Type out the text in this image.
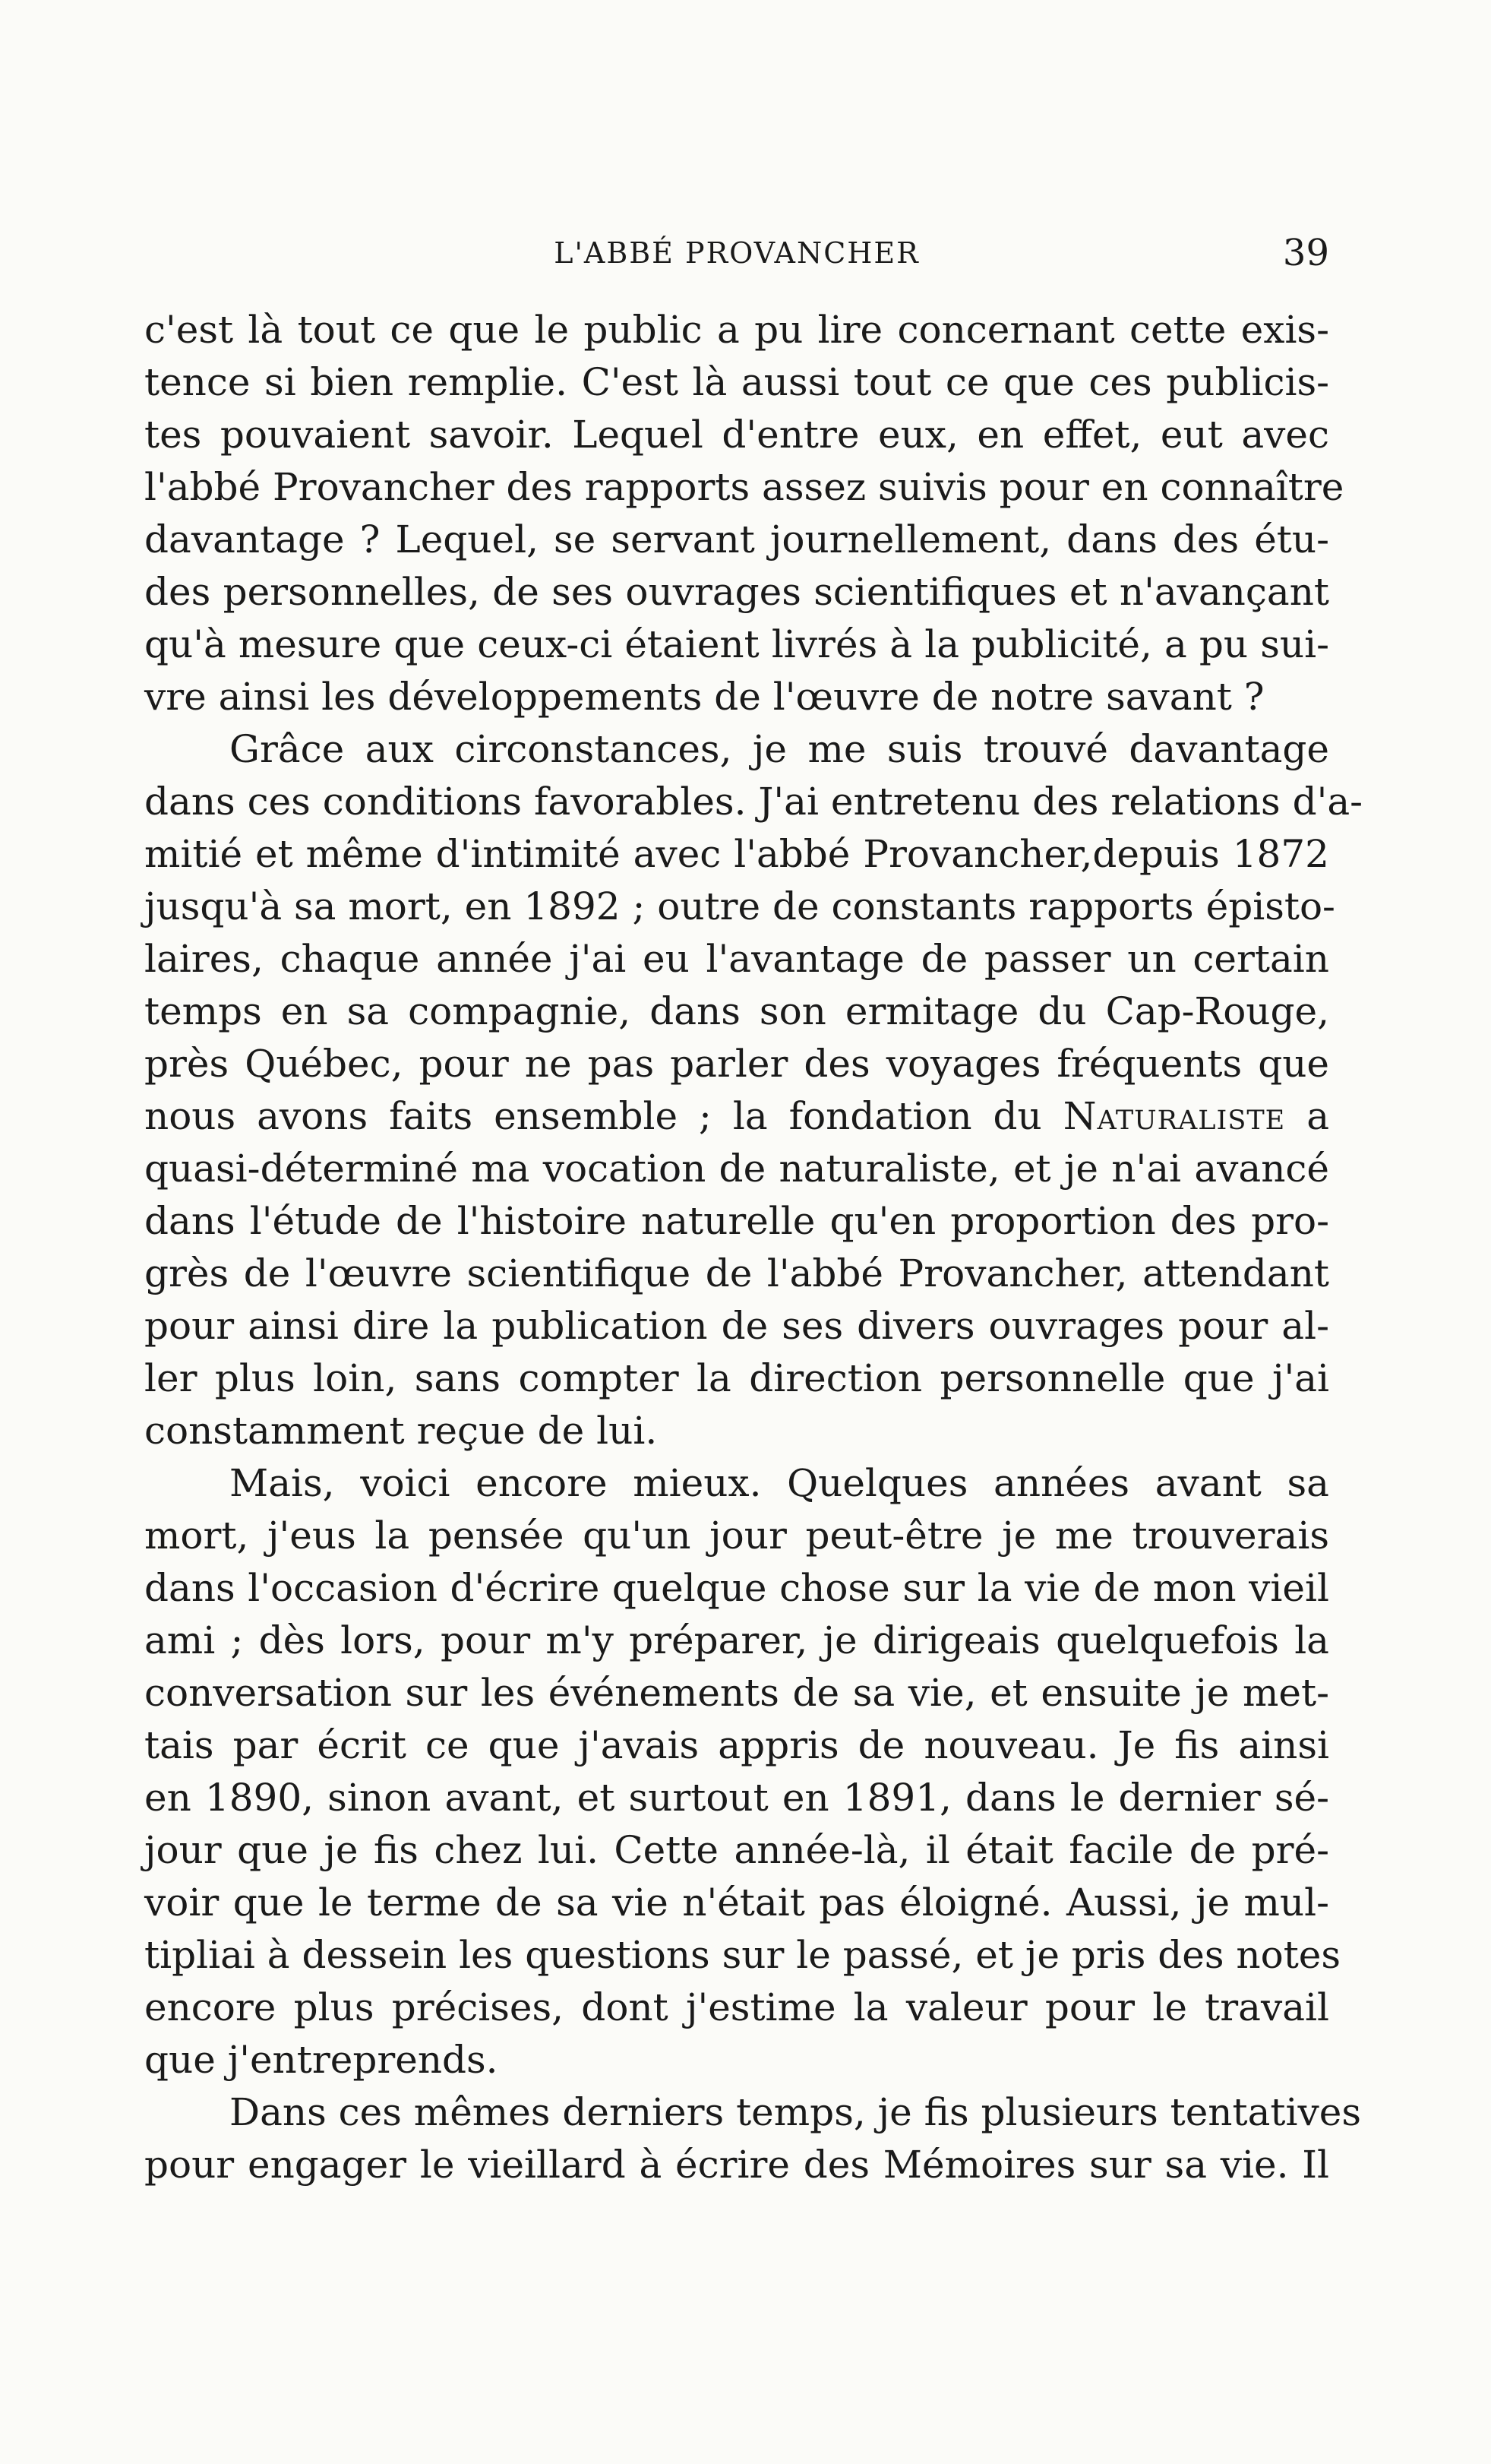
L'ABBÉ PROVANCHER	39
c'est là tout ce que le public a pu lire concernant cette exis-
tence si bien remplie. C'est là aussi tout ce que ces publicis-
tes pouvaient savoir. Lequel d'entre eux, en effet, eut avec
l'abbé Provancher des rapports assez suivis pour en connaître
davantage ? Lequel, se servant journellement, dans des étu-
des personnelles, de ses ouvrages scientifiques et n'avançant
qu'à mesure que ceux-ci étaient livrés à la publicité, a pu sui-
vre ainsi les développements de l'œuvre de notre savant ?
Grâce aux circonstances, je me suis trouvé davantage
dans ces conditions favorables. J'ai entretenu des relations d'a-
mitié et même d'intimité avec l'abbé Provancher,depuis 1872
jusqu'à sa mort, en 1892 ; outre de constants rapports épisto-
laires, chaque année j'ai eu l'avantage de passer un certain
temps en sa compagnie, dans son ermitage du Cap-Rouge,
près Québec, pour ne pas parler des voyages fréquents que
nous avons faits ensemble ; la fondation du Naturaliste a
quasi-déterminé ma vocation de naturaliste, et je n'ai avancé
dans l'étude de l'histoire naturelle qu'en proportion des pro-
grès de l'œuvre scientifique de l'abbé Provancher, attendant
pour ainsi dire la publication de ses divers ouvrages pour al-
ler plus loin, sans compter la direction personnelle que j'ai
constamment reçue de lui.
Mais, voici encore mieux. Quelques années avant sa
mort, j'eus la pensée qu'un jour peut-être je me trouverais
dans l'occasion d'écrire quelque chose sur la vie de mon vieil
ami ; dès lors, pour m'y préparer, je dirigeais quelquefois la
conversation sur les événements de sa vie, et ensuite je met-
tais par écrit ce que j'avais appris de nouveau. Je fis ainsi
en 1890, sinon avant, et surtout en 1891, dans le dernier sé-
jour que je fis chez lui. Cette année-là, il était facile de pré-
voir que le terme de sa vie n'était pas éloigné. Aussi, je mul-
tipliai à dessein les questions sur le passé, et je pris des notes
encore plus précises, dont j'estime la valeur pour le travail
que j'entreprends.
Dans ces mêmes derniers temps, je fis plusieurs tentatives
pour engager le vieillard à écrire des Mémoires sur sa vie. Il
